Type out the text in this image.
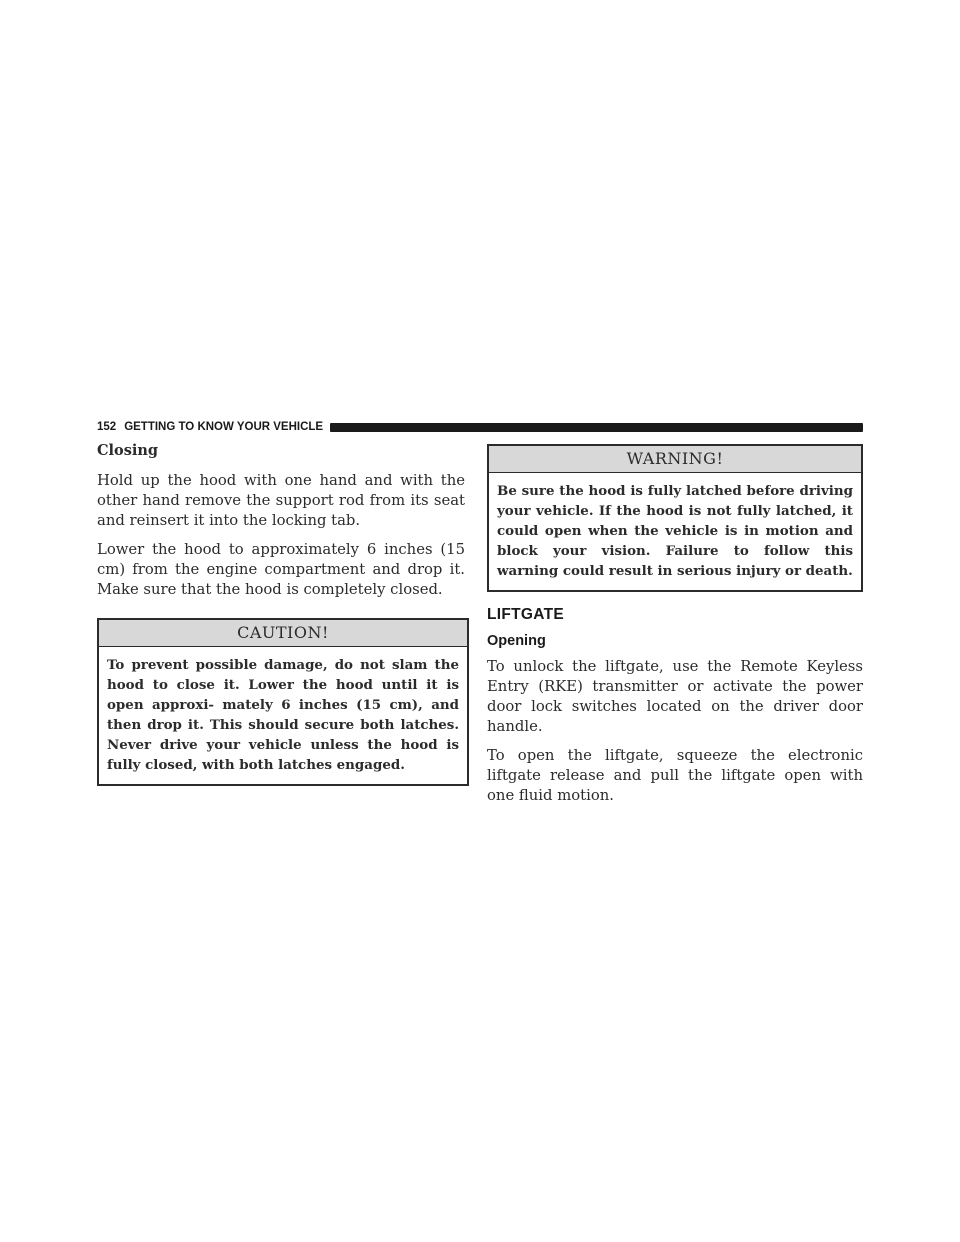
152 GETTING TO KNOW YOUR VEHICLE
Closing

Hold up the hood with one hand and with the other hand remove the support rod from its seat and reinsert it into the locking tab.

Lower the hood to approximately 6 inches (15 cm) from the engine compartment and drop it. Make sure that the hood is completely closed.

CAUTION!
To prevent possible damage, do not slam the hood to close it. Lower the hood until it is open approxi- mately 6 inches (15 cm), and then drop it. This should secure both latches. Never drive your vehicle unless the hood is fully closed, with both latches engaged.
WARNING!
Be sure the hood is fully latched before driving your vehicle. If the hood is not fully latched, it could open when the vehicle is in motion and block your vision. Failure to follow this warning could result in serious injury or death.
LIFTGATE
Opening

To unlock the liftgate, use the Remote Keyless Entry (RKE) transmitter or activate the power door lock switches located on the driver door handle.

To open the liftgate, squeeze the electronic liftgate release and pull the liftgate open with one fluid motion.
